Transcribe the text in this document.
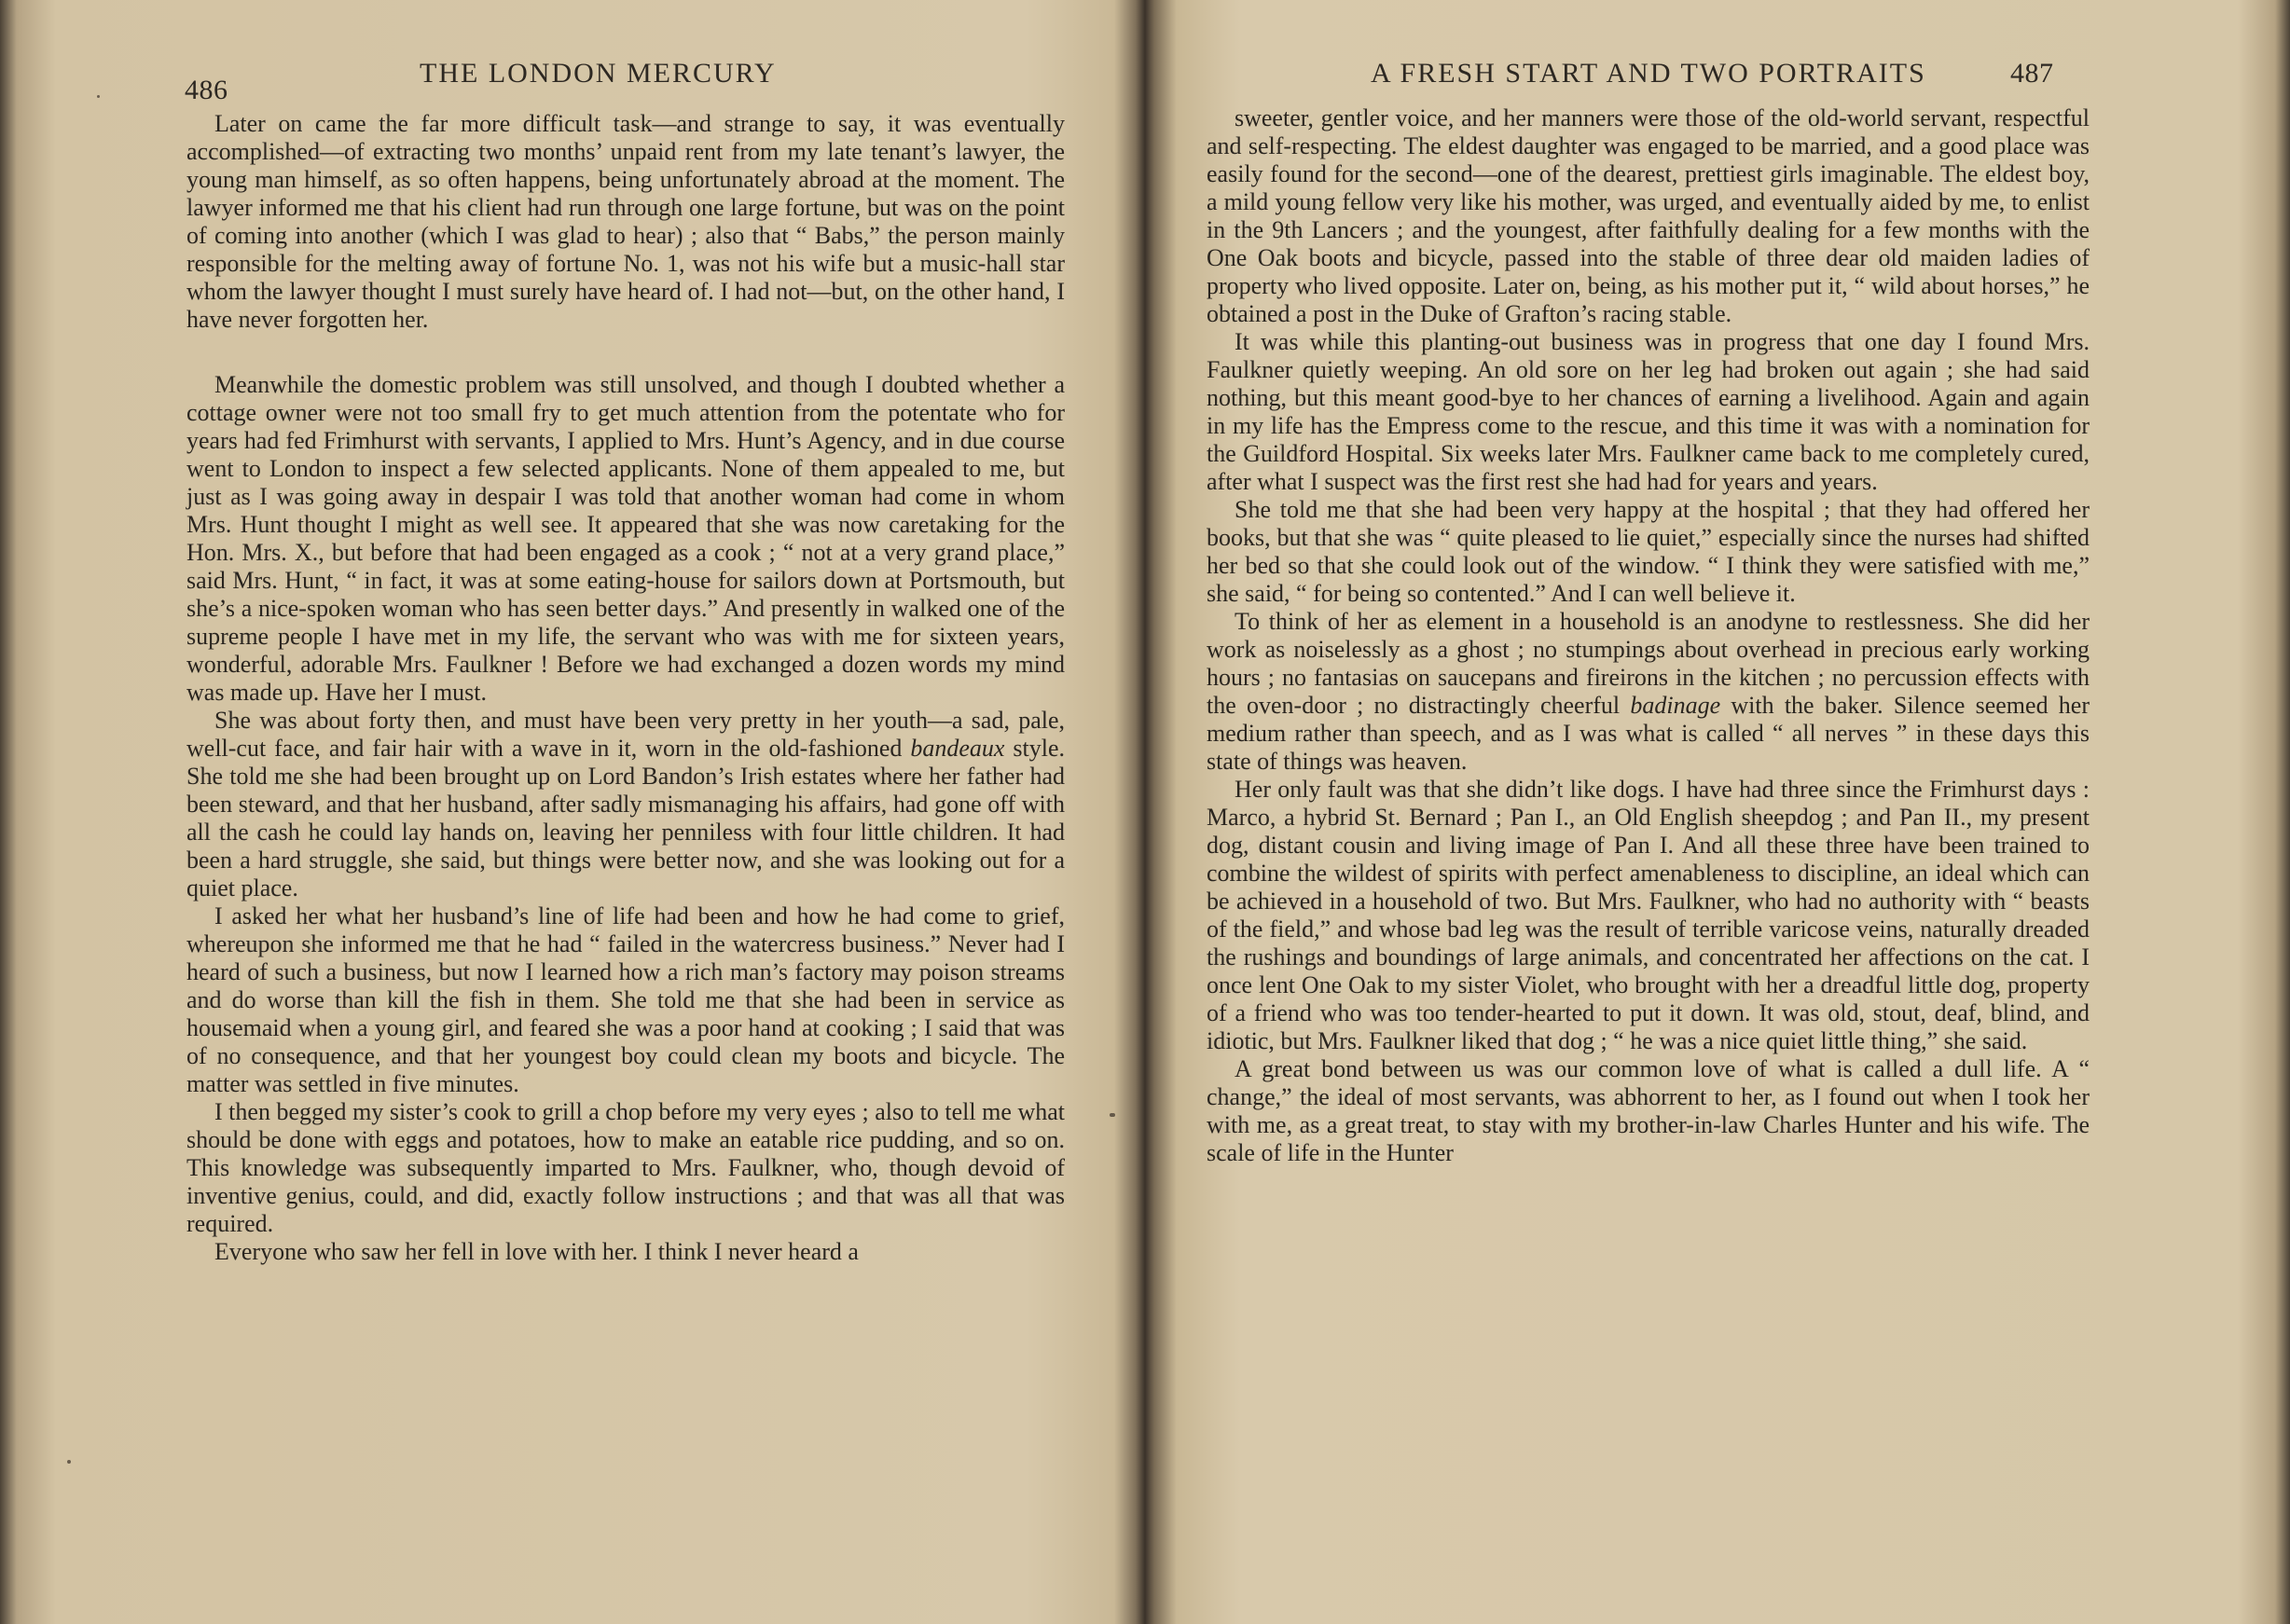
486
THE LONDON MERCURY

Later on came the far more difficult task—and strange to say, it was eventually accomplished—of extracting two months’ unpaid rent from my late tenant’s lawyer, the young man himself, as so often happens, being unfortunately abroad at the moment. The lawyer informed me that his client had run through one large fortune, but was on the point of coming into another (which I was glad to hear) ; also that “ Babs,” the person mainly responsible for the melting away of fortune No. 1, was not his wife but a music-hall star whom the lawyer thought I must surely have heard of. I had not—but, on the other hand, I have never forgotten her.

Meanwhile the domestic problem was still unsolved, and though I doubted whether a cottage owner were not too small fry to get much attention from the potentate who for years had fed Frimhurst with servants, I applied to Mrs. Hunt’s Agency, and in due course went to London to inspect a few selected applicants. None of them appealed to me, but just as I was going away in despair I was told that another woman had come in whom Mrs. Hunt thought I might as well see. It appeared that she was now caretaking for the Hon. Mrs. X., but before that had been engaged as a cook ; “ not at a very grand place,” said Mrs. Hunt, “ in fact, it was at some eating-house for sailors down at Portsmouth, but she’s a nice-spoken woman who has seen better days.” And presently in walked one of the supreme people I have met in my life, the servant who was with me for sixteen years, wonderful, adorable Mrs. Faulkner ! Before we had exchanged a dozen words my mind was made up. Have her I must.

She was about forty then, and must have been very pretty in her youth—a sad, pale, well-cut face, and fair hair with a wave in it, worn in the old-fashioned bandeaux style. She told me she had been brought up on Lord Bandon’s Irish estates where her father had been steward, and that her husband, after sadly mismanaging his affairs, had gone off with all the cash he could lay hands on, leaving her penniless with four little children. It had been a hard struggle, she said, but things were better now, and she was looking out for a quiet place.

I asked her what her husband’s line of life had been and how he had come to grief, whereupon she informed me that he had “ failed in the watercress business.” Never had I heard of such a business, but now I learned how a rich man’s factory may poison streams and do worse than kill the fish in them. She told me that she had been in service as housemaid when a young girl, and feared she was a poor hand at cooking ; I said that was of no consequence, and that her youngest boy could clean my boots and bicycle. The matter was settled in five minutes.

I then begged my sister’s cook to grill a chop before my very eyes ; also to tell me what should be done with eggs and potatoes, how to make an eatable rice pudding, and so on. This knowledge was subsequently imparted to Mrs. Faulkner, who, though devoid of inventive genius, could, and did, exactly follow instructions ; and that was all that was required.

Everyone who saw her fell in love with her. I think I never heard a

A FRESH START AND TWO PORTRAITS	487

sweeter, gentler voice, and her manners were those of the old-world servant, respectful and self-respecting. The eldest daughter was engaged to be married, and a good place was easily found for the second—one of the dearest, prettiest girls imaginable. The eldest boy, a mild young fellow very like his mother, was urged, and eventually aided by me, to enlist in the 9th Lancers ; and the youngest, after faithfully dealing for a few months with the One Oak boots and bicycle, passed into the stable of three dear old maiden ladies of property who lived opposite. Later on, being, as his mother put it, “ wild about horses,” he obtained a post in the Duke of Grafton’s racing stable.

It was while this planting-out business was in progress that one day I found Mrs. Faulkner quietly weeping. An old sore on her leg had broken out again ; she had said nothing, but this meant good-bye to her chances of earning a livelihood. Again and again in my life has the Empress come to the rescue, and this time it was with a nomination for the Guildford Hospital. Six weeks later Mrs. Faulkner came back to me completely cured, after what I suspect was the first rest she had had for years and years.

She told me that she had been very happy at the hospital ; that they had offered her books, but that she was “ quite pleased to lie quiet,” especially since the nurses had shifted her bed so that she could look out of the window. “ I think they were satisfied with me,” she said, “ for being so contented.” And I can well believe it.

To think of her as element in a household is an anodyne to restlessness. She did her work as noiselessly as a ghost ; no stumpings about overhead in precious early working hours ; no fantasias on saucepans and fireirons in the kitchen ; no percussion effects with the oven-door ; no distractingly cheerful badinage with the baker. Silence seemed her medium rather than speech, and as I was what is called “ all nerves ” in these days this state of things was heaven.

Her only fault was that she didn’t like dogs. I have had three since the Frimhurst days : Marco, a hybrid St. Bernard ; Pan I., an Old English sheepdog ; and Pan II., my present dog, distant cousin and living image of Pan I. And all these three have been trained to combine the wildest of spirits with perfect amenableness to discipline, an ideal which can be achieved in a household of two. But Mrs. Faulkner, who had no authority with “ beasts of the field,” and whose bad leg was the result of terrible varicose veins, naturally dreaded the rushings and boundings of large animals, and concentrated her affections on the cat. I once lent One Oak to my sister Violet, who brought with her a dreadful little dog, property of a friend who was too tender-hearted to put it down. It was old, stout, deaf, blind, and idiotic, but Mrs. Faulkner liked that dog ; “ he was a nice quiet little thing,” she said.

A great bond between us was our common love of what is called a dull life. A “ change,” the ideal of most servants, was abhorrent to her, as I found out when I took her with me, as a great treat, to stay with my brother-in-law Charles Hunter and his wife. The scale of life in the Hunter
